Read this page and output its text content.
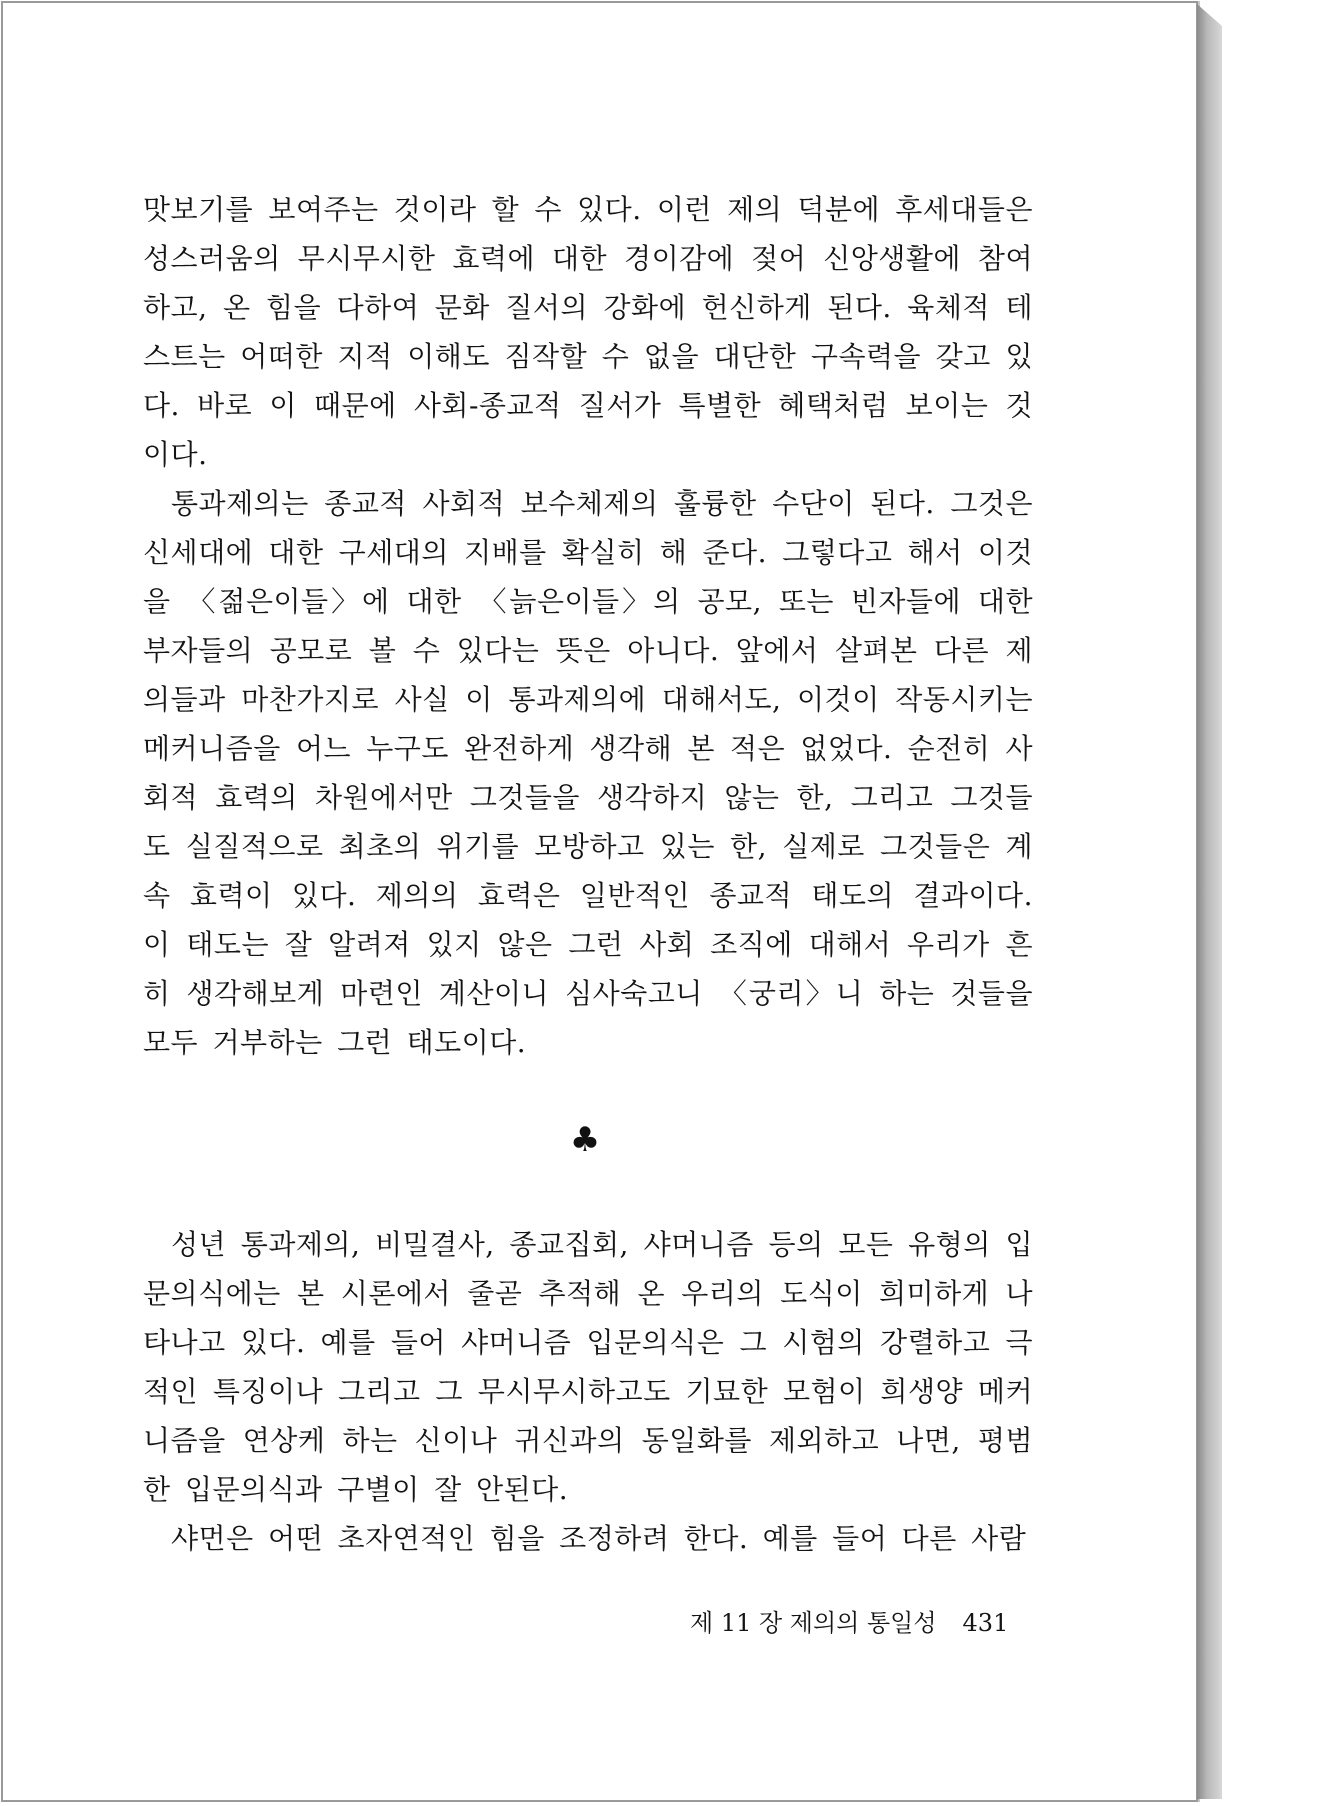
맛보기를 보여주는 것이라 할 수 있다. 이런 제의 덕분에 후세대들은 성스러움의 무시무시한 효력에 대한 경이감에 젖어 신앙생활에 참여하고, 온 힘을 다하여 문화 질서의 강화에 헌신하게 된다. 육체적 테스트는 어떠한 지적 이해도 짐작할 수 없을 대단한 구속력을 갖고 있다. 바로 이 때문에 사회-종교적 질서가 특별한 혜택처럼 보이는 것이다.

통과제의는 종교적 사회적 보수체제의 훌륭한 수단이 된다. 그것은 신세대에 대한 구세대의 지배를 확실히 해 준다. 그렇다고 해서 이것을 〈젊은이들〉에 대한 〈늙은이들〉의 공모, 또는 빈자들에 대한 부자들의 공모로 볼 수 있다는 뜻은 아니다. 앞에서 살펴본 다른 제의들과 마찬가지로 사실 이 통과제의에 대해서도, 이것이 작동시키는 메커니즘을 어느 누구도 완전하게 생각해 본 적은 없었다. 순전히 사회적 효력의 차원에서만 그것들을 생각하지 않는 한, 그리고 그것들도 실질적으로 최초의 위기를 모방하고 있는 한, 실제로 그것들은 계속 효력이 있다. 제의의 효력은 일반적인 종교적 태도의 결과이다. 이 태도는 잘 알려져 있지 않은 그런 사회 조직에 대해서 우리가 흔히 생각해보게 마련인 계산이니 심사숙고니 〈궁리〉니 하는 것들을 모두 거부하는 그런 태도이다.

♣

성년 통과제의, 비밀결사, 종교집회, 샤머니즘 등의 모든 유형의 입문의식에는 본 시론에서 줄곧 추적해 온 우리의 도식이 희미하게 나타나고 있다. 예를 들어 샤머니즘 입문의식은 그 시험의 강렬하고 극적인 특징이나 그리고 그 무시무시하고도 기묘한 모험이 희생양 메커니즘을 연상케 하는 신이나 귀신과의 동일화를 제외하고 나면, 평범한 입문의식과 구별이 잘 안된다.

샤먼은 어떤 초자연적인 힘을 조정하려 한다. 예를 들어 다른 사람

제 11 장 제의의 통일성 431
